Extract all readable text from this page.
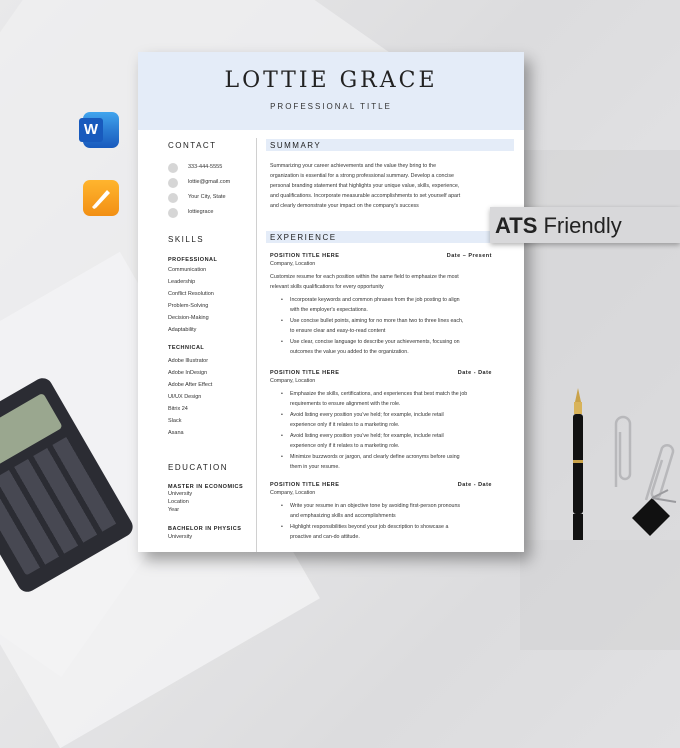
W
LOTTIE GRACE
PROFESSIONAL TITLE
CONTACT
333-444-5555
lottie@gmail.com
Your City, State
lottiegrace
SKILLS
PROFESSIONAL
Communication
Leadership
Conflict Resolution
Problem-Solving
Decision-Making
Adaptability
TECHNICAL
Adobe Illustrator
Adobe InDesign
Adobe After Effect
UI/UX Design
Bitrix 24
Slack
Asana
EDUCATION
MASTER IN ECONOMICS
University
Location
Year
BACHELOR IN PHYSICS
University
SUMMARY
Summarizing your career achievements and the value they bring to the
organization is essential for a strong professional summary. Develop a concise
personal branding statement that highlights your unique value, skills, experience,
and qualifications. Incorporate measurable accomplishments to set yourself apart
and clearly demonstrate your impact on the company's success
EXPERIENCE
POSITION TITLE HERE	Date – Present
Company, Location
Customize resume for each position within the same field to emphasize the most
relevant skills qualifications for every opportunity
• Incorporate keywords and common phrases from the job posting to align
with the employer's expectations.
• Use concise bullet points, aiming for no more than two to three lines each,
to ensure clear and easy-to-read content
• Use clear, concise language to describe your achievements, focusing on
outcomes the value you added to the organization.
POSITION TITLE HERE	Date - Date
Company, Location
• Emphasize the skills, certifications, and experiences that best match the job
requirements to ensure alignment with the role.
• Avoid listing every position you've held; for example, include retail
experience only if it relates to a marketing role.
• Avoid listing every position you've held; for example, include retail
experience only if it relates to a marketing role.
• Minimize buzzwords or jargon, and clearly define acronyms before using
them in your resume.
POSITION TITLE HERE	Date - Date
Company, Location
• Write your resume in an objective tone by avoiding first-person pronouns
and emphasizing skills and accomplishments
• Highlight responsibilities beyond your job description to showcase a
proactive and can-do attitude.
ATS Friendly
